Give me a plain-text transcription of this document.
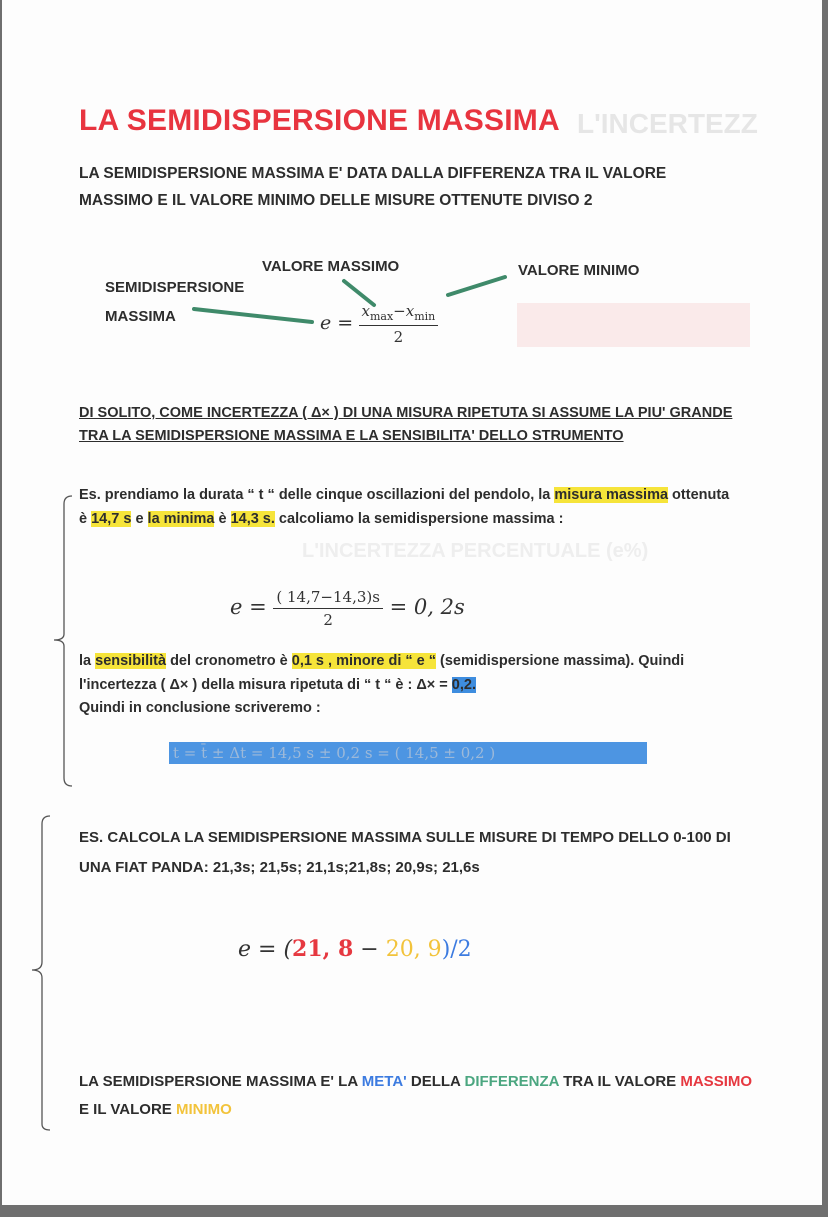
L'INCERTEZZ
L'INCERTEZZA PERCENTUALE (e%)
LA SEMIDISPERSIONE MASSIMA
LA SEMIDISPERSIONE MASSIMA E' DATA DALLA DIFFERENZA TRA IL VALORE MASSIMO E IL VALORE MINIMO DELLE MISURE OTTENUTE DIVISO 2
VALORE MASSIMO	VALORE MINIMO
SEMIDISPERSIONE
MASSIMA	$e = \frac{x_{max}-x_{min}}{2}$
DI SOLITO, COME INCERTEZZA ( Δ× ) DI UNA MISURA RIPETUTA SI ASSUME LA PIU' GRANDE TRA LA SEMIDISPERSIONE MASSIMA E LA SENSIBILITA' DELLO STRUMENTO
Es. prendiamo la durata “ t “ delle cinque oscillazioni del pendolo, la misura massima ottenuta è 14,7 s e la minima è 14,3 s. calcoliamo la semidispersione massima :
$e = \frac{( 14,7-14,3)s}{2} = 0$, 2s
la sensibilità del cronometro è 0,1 s , minore di “ e “ (semidispersione massima). Quindi l'incertezza ( Δ× ) della misura ripetuta di “ t “ è : Δ× = 0,2.
Quindi in conclusione scriveremo :
t = t̄ ± Δt = 14,5 s ± 0,2 s = ( 14,5 ± 0,2 )
ES. CALCOLA LA SEMIDISPERSIONE MASSIMA SULLE MISURE DI TEMPO DELLO 0-100 DI UNA FIAT PANDA: 21,3s; 21,5s; 21,1s;21,8s; 20,9s; 21,6s
e = (21, 8 − 20, 9)/2
LA SEMIDISPERSIONE MASSIMA E' LA META' DELLA DIFFERENZA TRA IL VALORE MASSIMO E IL VALORE MINIMO
